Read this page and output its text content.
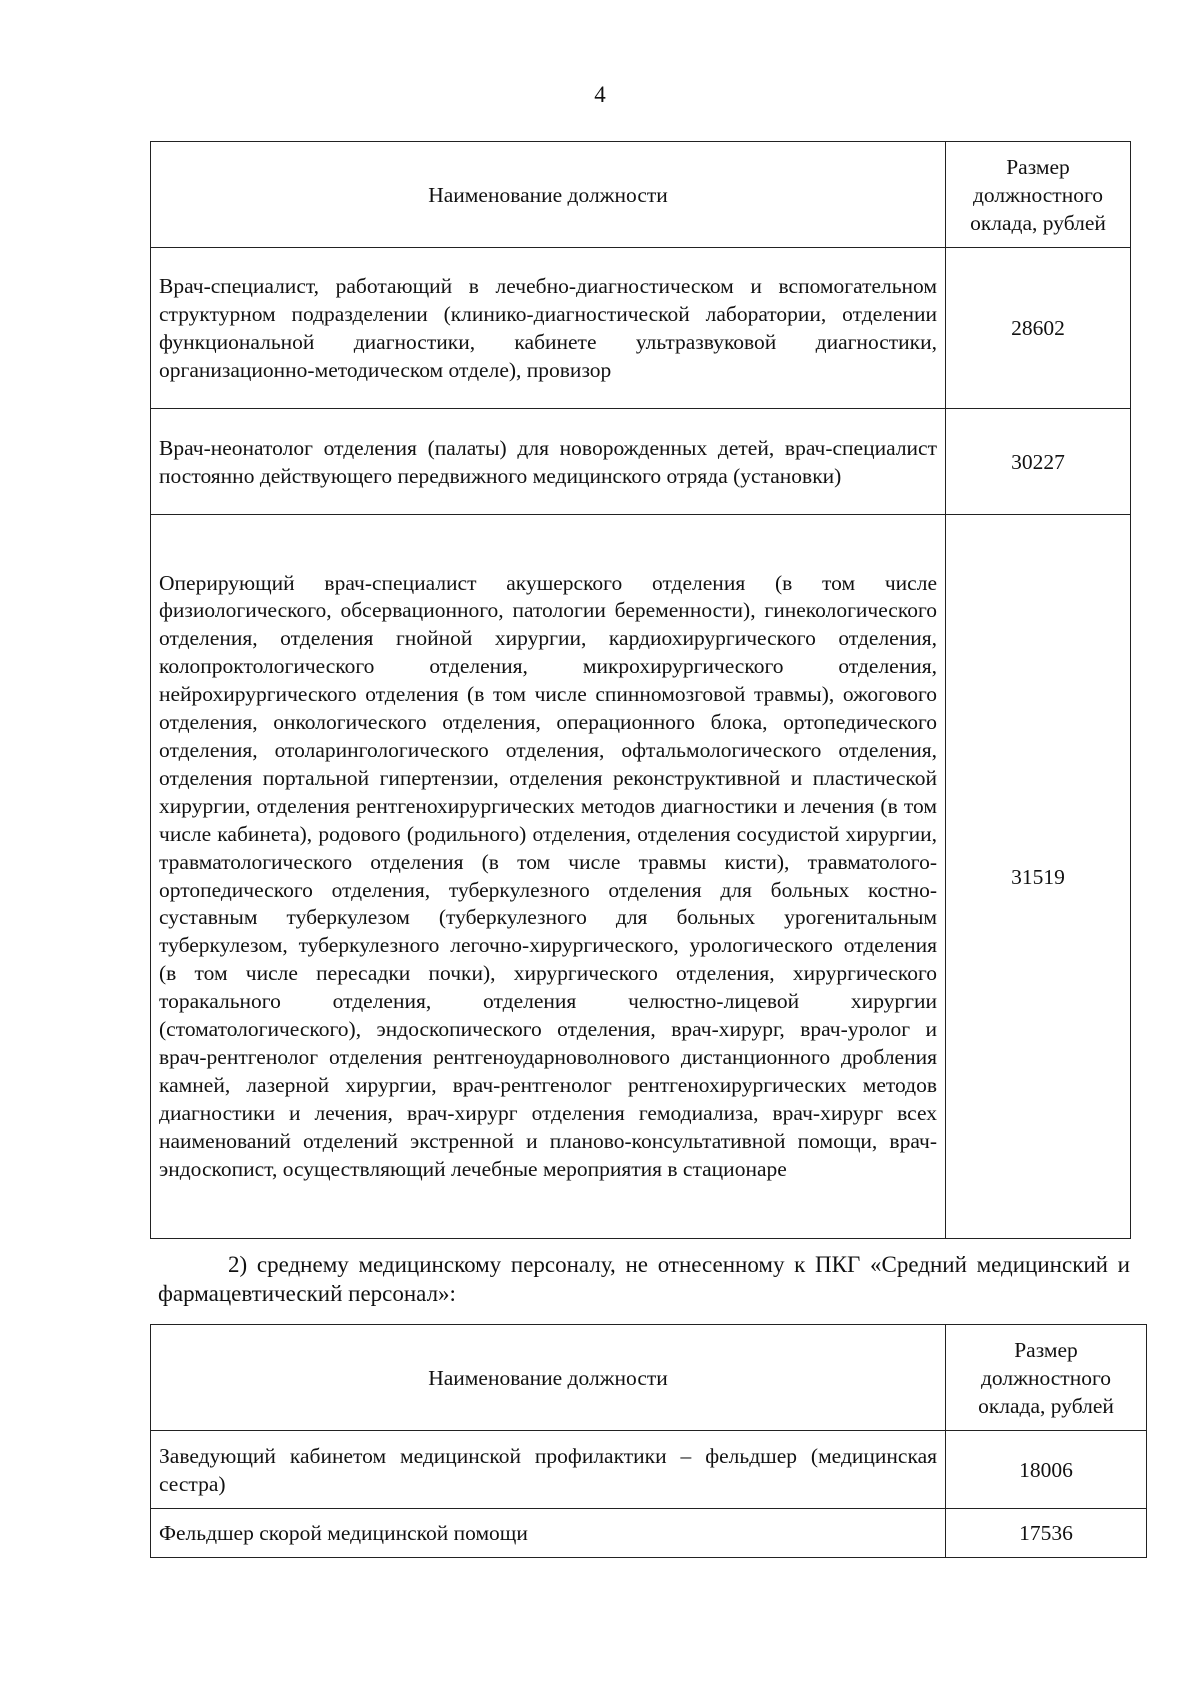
4
Наименование должности	Размер должностного оклада, рублей
Врач-специалист, работающий в лечебно-диагностическом и вспомогательном структурном подразделении (клинико-диагностической лаборатории, отделении функциональной диагностики, кабинете ультразвуковой диагностики, организационно-методическом отделе), провизор	28602
Врач-неонатолог отделения (палаты) для новорожденных детей, врач-специалист постоянно действующего передвижного медицинского отряда (установки)	30227
Оперирующий врач-специалист акушерского отделения (в том числе физиологического, обсервационного, патологии беременности), гинекологического отделения, отделения гнойной хирургии, кардиохирургического отделения, колопроктологического отделения, микрохирургического отделения, нейрохирургического отделения (в том числе спинномозговой травмы), ожогового отделения, онкологического отделения, операционного блока, ортопедического отделения, отоларингологического отделения, офтальмологического отделения, отделения портальной гипертензии, отделения реконструктивной и пластической хирургии, отделения рентгенохирургических методов диагностики и лечения (в том числе кабинета), родового (родильного) отделения, отделения сосудистой хирургии, травматологического отделения (в том числе травмы кисти), травматолого-ортопедического отделения, туберкулезного отделения для больных костно-суставным туберкулезом (туберкулезного для больных урогенитальным туберкулезом, туберкулезного легочно-хирургического, урологического отделения (в том числе пересадки почки), хирургического отделения, хирургического торакального отделения, отделения челюстно-лицевой хирургии (стоматологического), эндоскопического отделения, врач-хирург, врач-уролог и врач-рентгенолог отделения рентгеноударноволнового дистанционного дробления камней, лазерной хирургии, врач-рентгенолог рентгенохирургических методов диагностики и лечения, врач-хирург отделения гемодиализа, врач-хирург всех наименований отделений экстренной и планово-консультативной помощи, врач-эндоскопист, осуществляющий лечебные мероприятия в стационаре	31519

2) среднему медицинскому персоналу, не отнесенному к ПКГ «Средний медицинский и фармацевтический персонал»:

Наименование должности	Размер должностного оклада, рублей
Заведующий кабинетом медицинской профилактики – фельдшер (медицинская сестра)	18006
Фельдшер скорой медицинской помощи	17536
